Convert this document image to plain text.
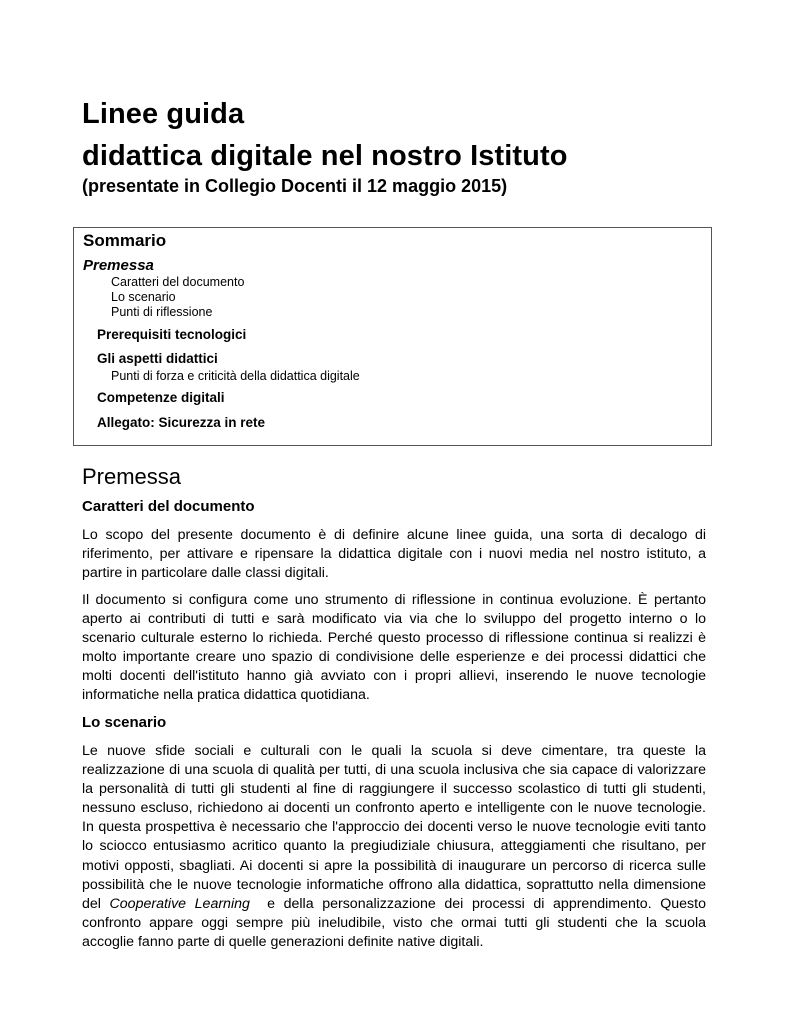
Linee guida
didattica digitale nel nostro Istituto

(presentate in Collegio Docenti il 12 maggio 2015)

Sommario

Premessa

Caratteri del documento

Lo scenario

Punti di riflessione

Prerequisiti tecnologici

Gli aspetti didattici

Punti di forza e criticità della didattica digitale

Competenze digitali

Allegato: Sicurezza in rete

Premessa
Caratteri del documento

Lo scopo del presente documento è di definire alcune linee guida, una sorta di decalogo di
riferimento, per attivare e ripensare la didattica digitale con i nuovi media nel nostro istituto, a
partire in particolare dalle classi digitali.

Il documento si configura come uno strumento di riflessione in continua evoluzione. È pertanto
aperto ai contributi di tutti e sarà modificato via via che lo sviluppo del progetto interno o lo
scenario culturale esterno lo richieda. Perché questo processo di riflessione continua si realizzi è
molto importante creare uno spazio di condivisione delle esperienze e dei processi didattici che
molti docenti dell'istituto hanno già avviato con i propri allievi, inserendo le nuove tecnologie
informatiche nella pratica didattica quotidiana.

Lo scenario

Le nuove sfide sociali e culturali con le quali la scuola si deve cimentare, tra queste la
realizzazione di una scuola di qualità per tutti, di una scuola inclusiva che sia capace di valorizzare
la personalità di tutti gli studenti al fine di raggiungere il successo scolastico di tutti gli studenti,
nessuno escluso, richiedono ai docenti un confronto aperto e intelligente con le nuove tecnologie.
In questa prospettiva è necessario che l'approccio dei docenti verso le nuove tecnologie eviti tanto
lo sciocco entusiasmo acritico quanto la pregiudiziale chiusura, atteggiamenti che risultano, per
motivi opposti, sbagliati. Ai docenti si apre la possibilità di inaugurare un percorso di ricerca sulle
possibilità che le nuove tecnologie informatiche offrono alla didattica, soprattutto nella dimensione
del Cooperative Learning  e della personalizzazione dei processi di apprendimento. Questo
confronto appare oggi sempre più ineludibile, visto che ormai tutti gli studenti che la scuola
accoglie fanno parte di quelle generazioni definite native digitali.
